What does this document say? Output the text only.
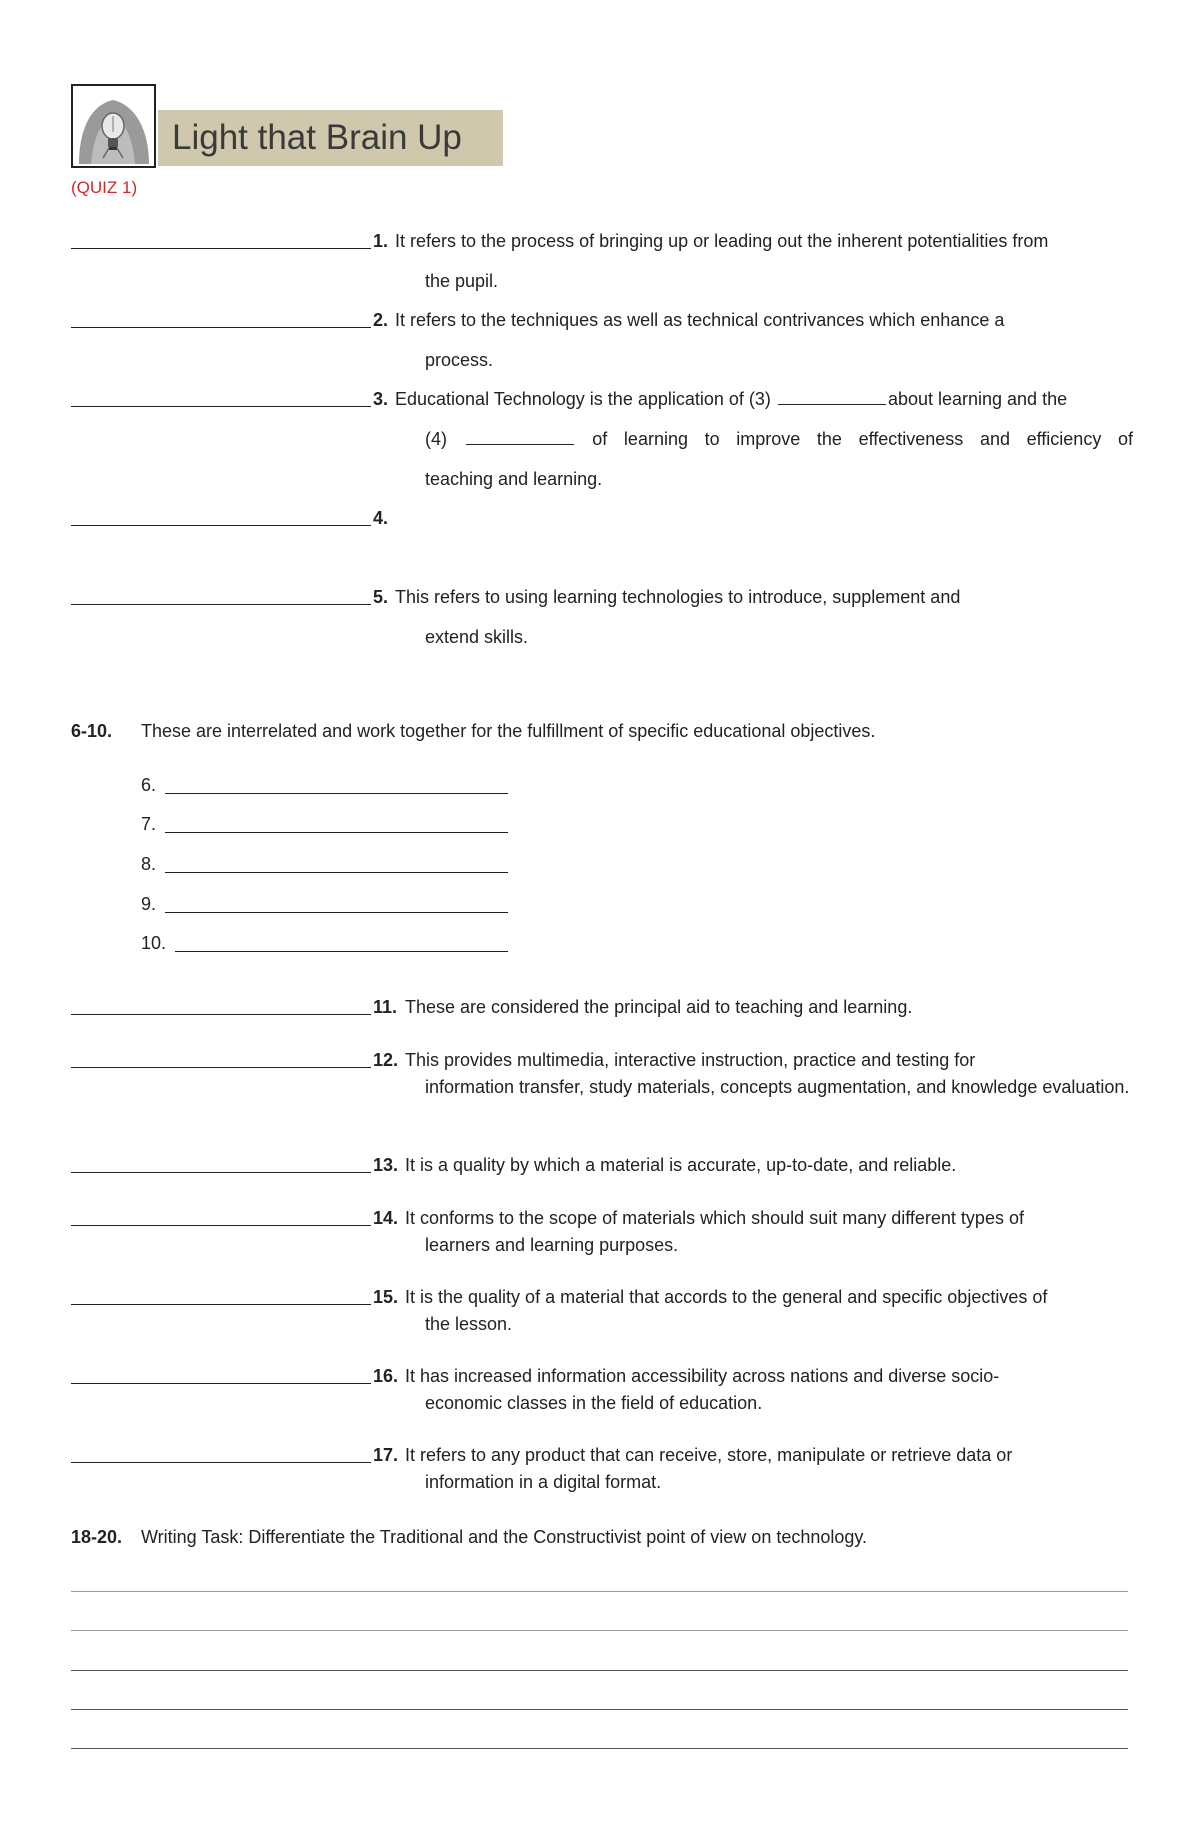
Light that Brain Up
(QUIZ 1)
1. It refers to the process of bringing up or leading out the inherent potentialities from
the pupil.
2. It refers to the techniques as well as technical contrivances which enhance a
process.
3. Educational Technology is the application of (3)	about learning and the
(4)	of learning to improve the effectiveness and efficiency of
teaching and learning.
4.
5. This refers to using learning technologies to introduce, supplement and
extend skills.
6-10. These are interrelated and work together for the fulfillment of specific educational objectives.
6.
7.
8.
9.
10.
11. These are considered the principal aid to teaching and learning.
12. This provides multimedia, interactive instruction, practice and testing for
information transfer, study materials, concepts augmentation, and knowledge evaluation.
13. It is a quality by which a material is accurate, up-to-date, and reliable.
14. It conforms to the scope of materials which should suit many different types of
learners and learning purposes.
15. It is the quality of a material that accords to the general and specific objectives of
the lesson.
16. It has increased information accessibility across nations and diverse socio-
economic classes in the field of education.
17. It refers to any product that can receive, store, manipulate or retrieve data or
information in a digital format.
18-20. Writing Task: Differentiate the Traditional and the Constructivist point of view on technology.
